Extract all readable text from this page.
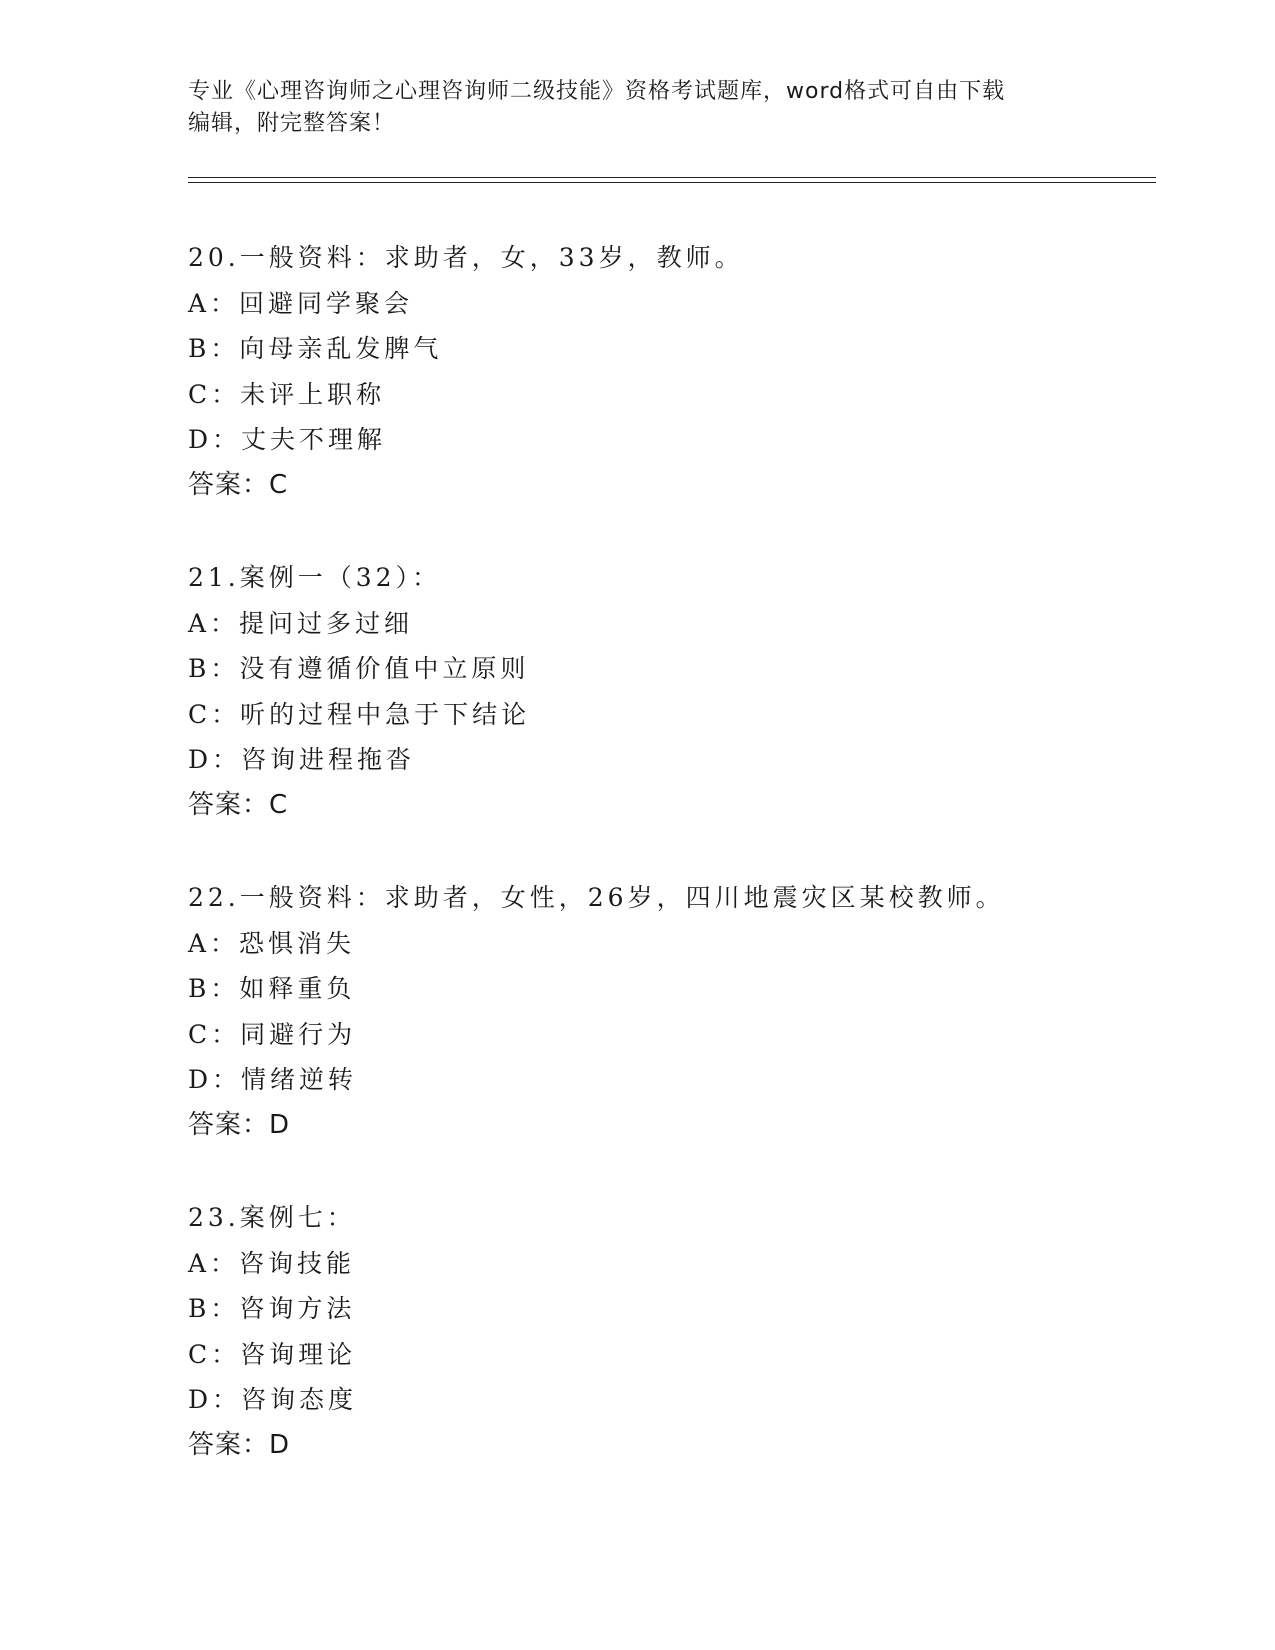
专业《心理咨询师之心理咨询师二级技能》资格考试题库，word格式可自由下载
编辑，附完整答案！
20.一般资料：求助者，女，33岁，教师。
A：回避同学聚会
B：向母亲乱发脾气
C：未评上职称
D：丈夫不理解
答案：C
21.案例一（32）：
A：提问过多过细
B：没有遵循价值中立原则
C：听的过程中急于下结论
D：咨询进程拖沓
答案：C
22.一般资料：求助者，女性，26岁，四川地震灾区某校教师。
A：恐惧消失
B：如释重负
C：同避行为
D：情绪逆转
答案：D
23.案例七：
A：咨询技能
B：咨询方法
C：咨询理论
D：咨询态度
答案：D
